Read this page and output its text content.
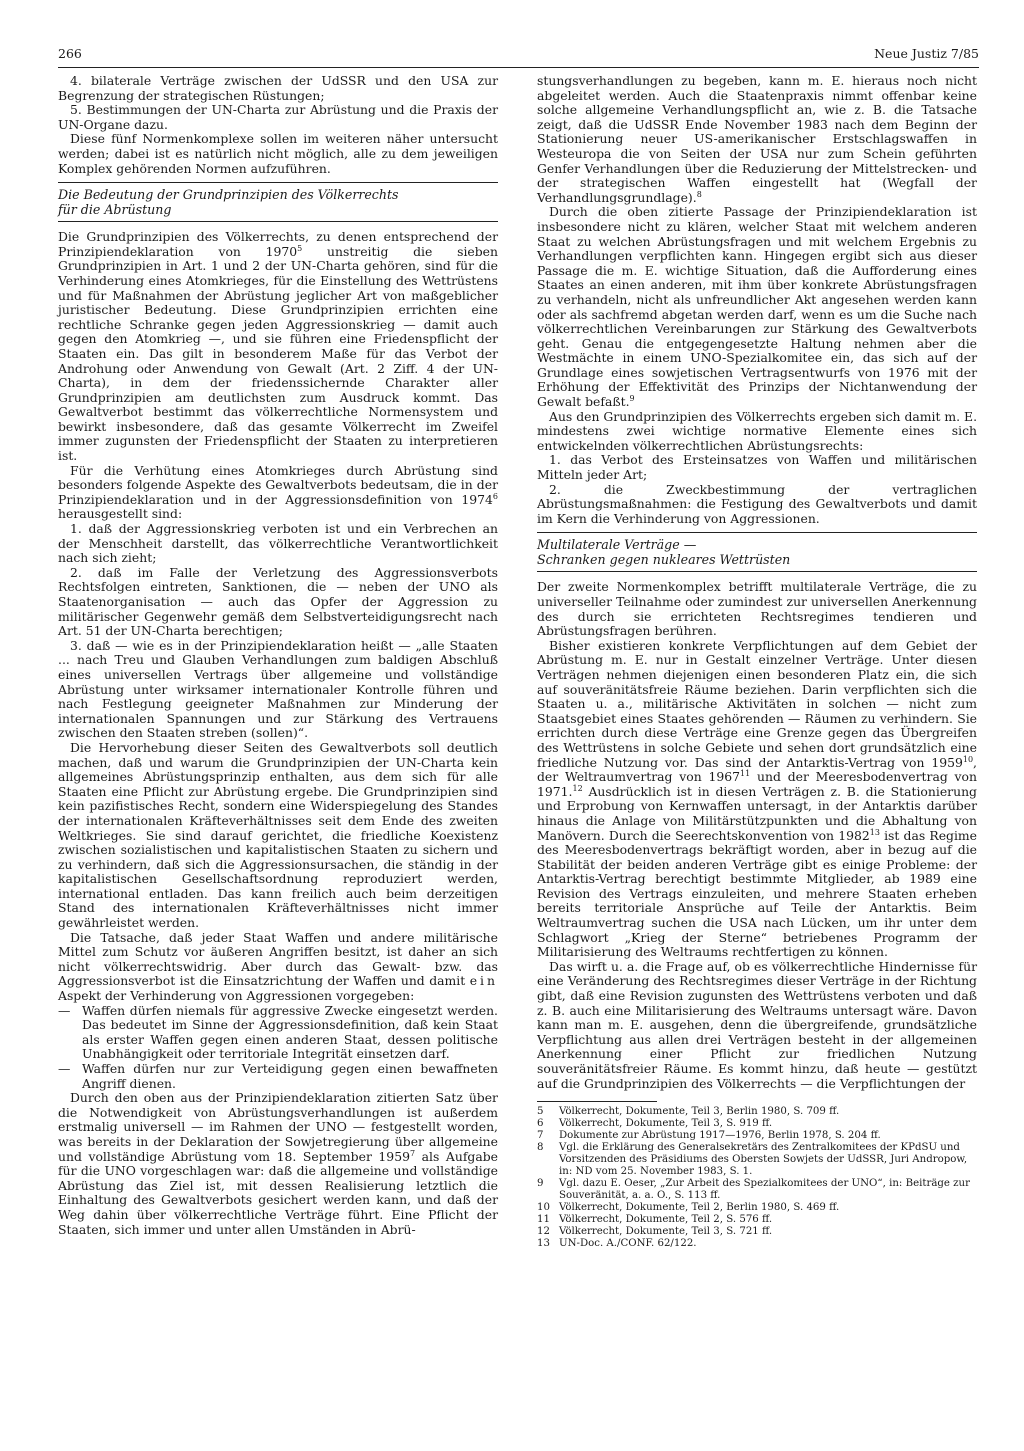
266	Neue Justiz 7/85

4. bilaterale Verträge zwischen der UdSSR und den USA zur Begrenzung der strategischen Rüstungen;

5. Bestimmungen der UN-Charta zur Abrüstung und die Praxis der UN-Organe dazu.

Diese fünf Normenkomplexe sollen im weiteren näher untersucht werden; dabei ist es natürlich nicht möglich, alle zu dem jeweiligen Komplex gehörenden Normen aufzuführen.

Die Bedeutung der Grundprinzipien des Völkerrechts
für die Abrüstung

Die Grundprinzipien des Völkerrechts, zu denen entsprechend der Prinzipiendeklaration von 1970$^5$ unstreitig die sieben Grundprinzipien in Art. 1 und 2 der UN-Charta gehören, sind für die Verhinderung eines Atomkrieges, für die Einstellung des Wettrüstens und für Maßnahmen der Abrüstung jeglicher Art von maßgeblicher juristischer Bedeutung. Diese Grundprinzipien errichten eine rechtliche Schranke gegen jeden Aggressionskrieg — damit auch gegen den Atomkrieg —, und sie führen eine Friedenspflicht der Staaten ein. Das gilt in besonderem Maße für das Verbot der Androhung oder Anwendung von Gewalt (Art. 2 Ziff. 4 der UN-Charta), in dem der friedenssichernde Charakter aller Grundprinzipien am deutlichsten zum Ausdruck kommt. Das Gewaltverbot bestimmt das völkerrechtliche Normensystem und bewirkt insbesondere, daß das gesamte Völkerrecht im Zweifel immer zugunsten der Friedenspflicht der Staaten zu interpretieren ist.

Für die Verhütung eines Atomkrieges durch Abrüstung sind besonders folgende Aspekte des Gewaltverbots bedeutsam, die in der Prinzipiendeklaration und in der Aggressionsdefinition von 1974$^6$ herausgestellt sind:

1. daß der Aggressionskrieg verboten ist und ein Verbrechen an der Menschheit darstellt, das völkerrechtliche Verantwortlichkeit nach sich zieht;

2. daß im Falle der Verletzung des Aggressionsverbots Rechtsfolgen eintreten, Sanktionen, die — neben der UNO als Staatenorganisation — auch das Opfer der Aggression zu militärischer Gegenwehr gemäß dem Selbstverteidigungsrecht nach Art. 51 der UN-Charta berechtigen;

3. daß — wie es in der Prinzipiendeklaration heißt — „alle Staaten ... nach Treu und Glauben Verhandlungen zum baldigen Abschluß eines universellen Vertrags über allgemeine und vollständige Abrüstung unter wirksamer internationaler Kontrolle führen und nach Festlegung geeigneter Maßnahmen zur Minderung der internationalen Spannungen und zur Stärkung des Vertrauens zwischen den Staaten streben (sollen)“.

Die Hervorhebung dieser Seiten des Gewaltverbots soll deutlich machen, daß und warum die Grundprinzipien der UN-Charta kein allgemeines Abrüstungsprinzip enthalten, aus dem sich für alle Staaten eine Pflicht zur Abrüstung ergebe. Die Grundprinzipien sind kein pazifistisches Recht, sondern eine Widerspiegelung des Standes der internationalen Kräfteverhältnisses seit dem Ende des zweiten Weltkrieges. Sie sind darauf gerichtet, die friedliche Koexistenz zwischen sozialistischen und kapitalistischen Staaten zu sichern und zu verhindern, daß sich die Aggressionsursachen, die ständig in der kapitalistischen Gesellschaftsordnung reproduziert werden, international entladen. Das kann freilich auch beim derzeitigen Stand des internationalen Kräfteverhältnisses nicht immer gewährleistet werden.

Die Tatsache, daß jeder Staat Waffen und andere militärische Mittel zum Schutz vor äußeren Angriffen besitzt, ist daher an sich nicht völkerrechtswidrig. Aber durch das Gewalt- bzw. das Aggressionsverbot ist die Einsatzrichtung der Waffen und damit ein Aspekt der Verhinderung von Aggressionen vorgegeben:

— Waffen dürfen niemals für aggressive Zwecke eingesetzt werden. Das bedeutet im Sinne der Aggressionsdefinition, daß kein Staat als erster Waffen gegen einen anderen Staat, dessen politische Unabhängigkeit oder territoriale Integrität einsetzen darf.
— Waffen dürfen nur zur Verteidigung gegen einen bewaffneten Angriff dienen.

Durch den oben aus der Prinzipiendeklaration zitierten Satz über die Notwendigkeit von Abrüstungsverhandlungen ist außerdem erstmalig universell — im Rahmen der UNO — festgestellt worden, was bereits in der Deklaration der Sowjetregierung über allgemeine und vollständige Abrüstung vom 18. September 1959$^7$ als Aufgabe für die UNO vorgeschlagen war: daß die allgemeine und vollständige Abrüstung das Ziel ist, mit dessen Realisierung letztlich die Einhaltung des Gewaltverbots gesichert werden kann, und daß der Weg dahin über völkerrechtliche Verträge führt. Eine Pflicht der Staaten, sich immer und unter allen Umständen in Abrü-

stungsverhandlungen zu begeben, kann m. E. hieraus noch nicht abgeleitet werden. Auch die Staatenpraxis nimmt offenbar keine solche allgemeine Verhandlungspflicht an, wie z. B. die Tatsache zeigt, daß die UdSSR Ende November 1983 nach dem Beginn der Stationierung neuer US-amerikanischer Erstschlagswaffen in Westeuropa die von Seiten der USA nur zum Schein geführten Genfer Verhandlungen über die Reduzierung der Mittelstrecken- und der strategischen Waffen eingestellt hat (Wegfall der Verhandlungsgrundlage).$^8$

Durch die oben zitierte Passage der Prinzipiendeklaration ist insbesondere nicht zu klären, welcher Staat mit welchem anderen Staat zu welchen Abrüstungsfragen und mit welchem Ergebnis zu Verhandlungen verpflichten kann. Hingegen ergibt sich aus dieser Passage die m. E. wichtige Situation, daß die Aufforderung eines Staates an einen anderen, mit ihm über konkrete Abrüstungsfragen zu verhandeln, nicht als unfreundlicher Akt angesehen werden kann oder als sachfremd abgetan werden darf, wenn es um die Suche nach völkerrechtlichen Vereinbarungen zur Stärkung des Gewaltverbots geht. Genau die entgegengesetzte Haltung nehmen aber die Westmächte in einem UNO-Spezialkomitee ein, das sich auf der Grundlage eines sowjetischen Vertragsentwurfs von 1976 mit der Erhöhung der Effektivität des Prinzips der Nichtanwendung der Gewalt befaßt.$^9$

Aus den Grundprinzipien des Völkerrechts ergeben sich damit m. E. mindestens zwei wichtige normative Elemente eines sich entwickelnden völkerrechtlichen Abrüstungsrechts:

1. das Verbot des Ersteinsatzes von Waffen und militärischen Mitteln jeder Art;

2. die Zweckbestimmung der vertraglichen Abrüstungsmaßnahmen: die Festigung des Gewaltverbots und damit im Kern die Verhinderung von Aggressionen.

Multilaterale Verträge —
Schranken gegen nukleares Wettrüsten

Der zweite Normenkomplex betrifft multilaterale Verträge, die zu universeller Teilnahme oder zumindest zur universellen Anerkennung des durch sie errichteten Rechtsregimes tendieren und Abrüstungsfragen berühren.

Bisher existieren konkrete Verpflichtungen auf dem Gebiet der Abrüstung m. E. nur in Gestalt einzelner Verträge. Unter diesen Verträgen nehmen diejenigen einen besonderen Platz ein, die sich auf souveränitätsfreie Räume beziehen. Darin verpflichten sich die Staaten u. a., militärische Aktivitäten in solchen — nicht zum Staatsgebiet eines Staates gehörenden — Räumen zu verhindern. Sie errichten durch diese Verträge eine Grenze gegen das Übergreifen des Wettrüstens in solche Gebiete und sehen dort grundsätzlich eine friedliche Nutzung vor. Das sind der Antarktis-Vertrag von 1959$^{10}$, der Weltraumvertrag von 1967$^{11}$ und der Meeresbodenvertrag von 1971.12 Ausdrücklich ist in diesen Verträgen z. B. die Stationierung und Erprobung von Kernwaffen untersagt, in der Antarktis darüber hinaus die Anlage von Militärstützpunkten und die Abhaltung von Manövern. Durch die Seerechtskonvention von 1982$^{13}$ ist das Regime des Meeresbodenvertrags bekräftigt worden, aber in bezug auf die Stabilität der beiden anderen Verträge gibt es einige Probleme: der Antarktis-Vertrag berechtigt bestimmte Mitglieder, ab 1989 eine Revision des Vertrags einzuleiten, und mehrere Staaten erheben bereits territoriale Ansprüche auf Teile der Antarktis. Beim Weltraumvertrag suchen die USA nach Lücken, um ihr unter dem Schlagwort „Krieg der Sterne“ betriebenes Programm der Militarisierung des Weltraums rechtfertigen zu können.

Das wirft u. a. die Frage auf, ob es völkerrechtliche Hindernisse für eine Veränderung des Rechtsregimes dieser Verträge in der Richtung gibt, daß eine Revision zugunsten des Wettrüstens verboten und daß z. B. auch eine Militarisierung des Weltraums untersagt wäre. Davon kann man m. E. ausgehen, denn die übergreifende, grundsätzliche Verpflichtung aus allen drei Verträgen besteht in der allgemeinen Anerkennung einer Pflicht zur friedlichen Nutzung souveränitätsfreier Räume. Es kommt hinzu, daß heute — gestützt auf die Grundprinzipien des Völkerrechts — die Verpflichtungen der

5	Völkerrecht, Dokumente, Teil 3, Berlin 1980, S. 709 ff.
6	Völkerrecht, Dokumente, Teil 3, S. 919 ff.
7	Dokumente zur Abrüstung 1917—1976, Berlin 1978, S. 204 ff.
8	Vgl. die Erklärung des Generalsekretärs des Zentralkomitees der KPdSU und Vorsitzenden des Präsidiums des Obersten Sowjets der UdSSR, Juri Andropow, in: ND vom 25. November 1983, S. 1.
9	Vgl. dazu E. Oeser, „Zur Arbeit des Spezialkomitees der UNO“, in: Beiträge zur Souveränität, a. a. O., S. 113 ff.
10 Völkerrecht, Dokumente, Teil 2, Berlin 1980, S. 469 ff.
11 Völkerrecht, Dokumente, Teil 2, S. 576 ff.
12 Völkerrecht, Dokumente, Teil 3, S. 721 ff.
13 UN-Doc. A./CONF. 62/122.
